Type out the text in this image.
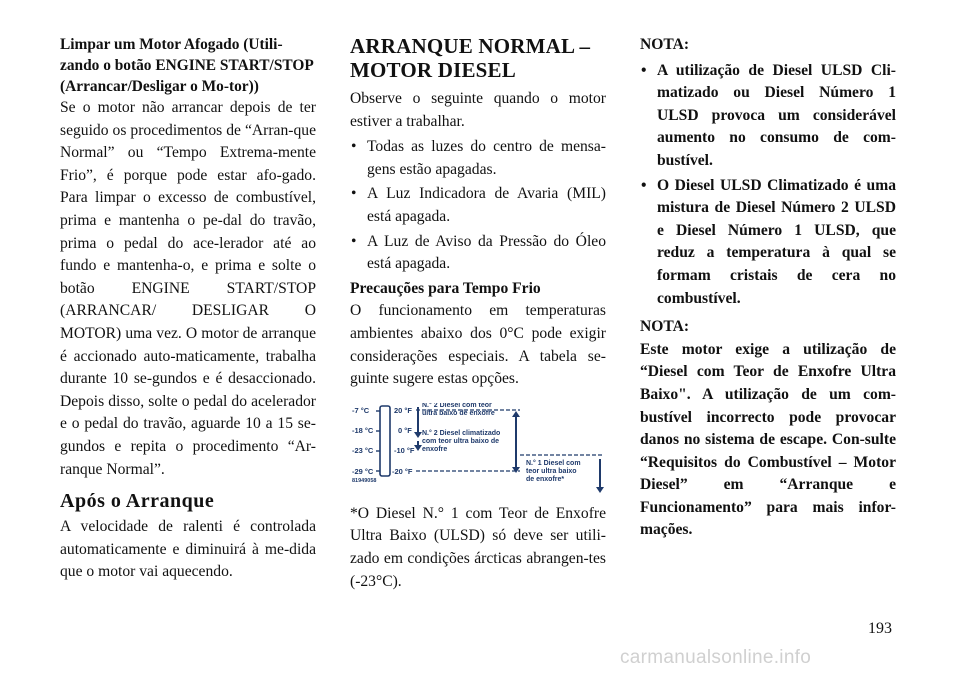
Limpar um Motor Afogado (Utili-zando o botão ENGINE START/STOP (Arrancar/Desligar o Mo-tor))

Se o motor não arrancar depois de ter seguido os procedimentos de “Arran-que Normal” ou “Tempo Extrema-mente Frio”, é porque pode estar afo-gado. Para limpar o excesso de combustível, prima e mantenha o pe-dal do travão, prima o pedal do ace-lerador até ao fundo e mantenha-o, e prima e solte o botão ENGINE START/STOP (ARRANCAR/ DESLIGAR O MOTOR) uma vez. O motor de arranque é accionado auto-maticamente, trabalha durante 10 se-gundos e é desaccionado. Depois disso, solte o pedal do acelerador e o pedal do travão, aguarde 10 a 15 se-gundos e repita o procedimento “Ar-ranque Normal”.

Após o Arranque

A velocidade de ralenti é controlada automaticamente e diminuirá à me-dida que o motor vai aquecendo.

ARRANQUE NORMAL – MOTOR DIESEL

Observe o seguinte quando o motor estiver a trabalhar.

• Todas as luzes do centro de mensa-gens estão apagadas.
• A Luz Indicadora de Avaria (MIL) está apagada.
• A Luz de Aviso da Pressão do Óleo está apagada.

Precauções para Tempo Frio

O funcionamento em temperaturas ambientes abaixo dos 0°C pode exigir considerações especiais. A tabela se-guinte sugere estas opções.

-7 °C
-18 °C
-23 °C
-29 °C
81949058
20 °F
0 °F
-10 °F
-20 °F
N.° 2 Diesel com teor
ultra baixo de enxofre
N.° 2 Diesel climatizado
com teor ultra baixo de
enxofre
N.° 1 Diesel com
teor ultra baixo
de enxofre*

*O Diesel N.° 1 com Teor de Enxofre Ultra Baixo (ULSD) só deve ser utili-zado em condições árcticas abrangen-tes (-23°C).

NOTA:

• A utilização de Diesel ULSD Cli-matizado ou Diesel Número 1 ULSD provoca um considerável aumento no consumo de com-bustível.
• O Diesel ULSD Climatizado é uma mistura de Diesel Número 2 ULSD e Diesel Número 1 ULSD, que reduz a temperatura à qual se formam cristais de cera no combustível.

NOTA:

Este motor exige a utilização de “Diesel com Teor de Enxofre Ultra Baixo". A utilização de um com-bustível incorrecto pode provocar danos no sistema de escape. Con-sulte “Requisitos do Combustível – Motor Diesel” em “Arranque e Funcionamento” para mais infor-mações.

193
carmanualsonline.info
